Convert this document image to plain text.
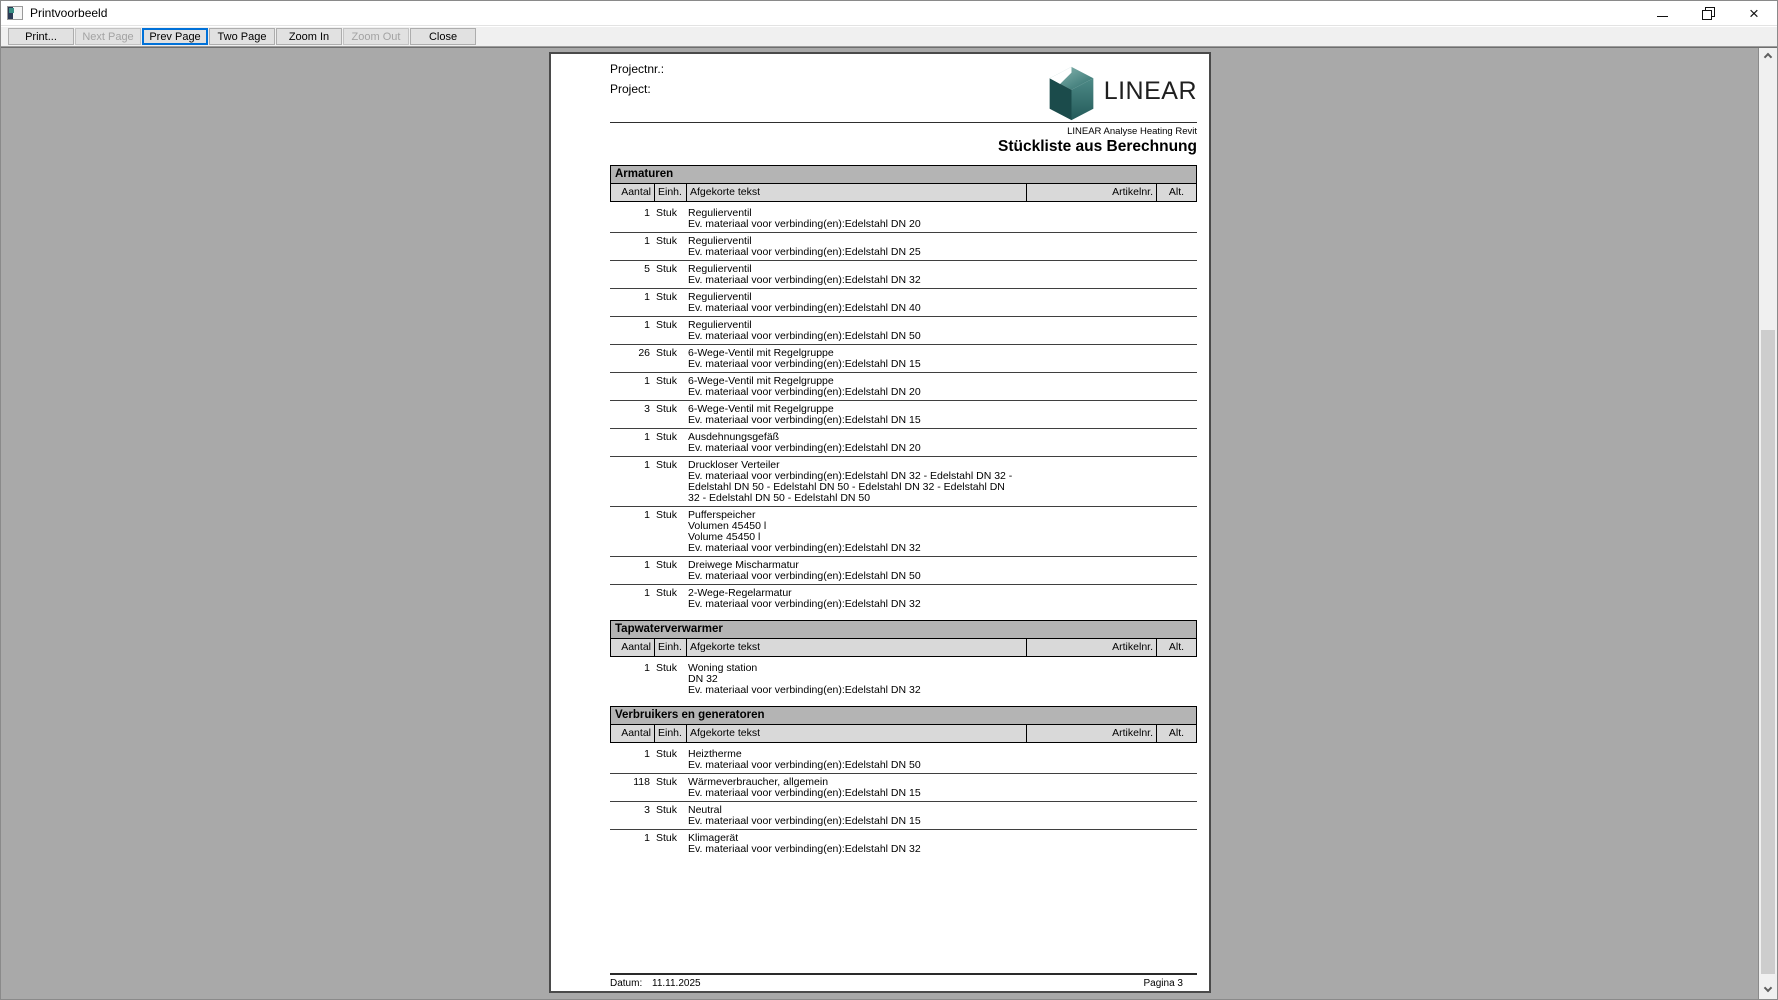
Printvoorbeeld	×
Print...	Next Page	Prev Page	Two Page	Zoom In	Zoom Out	Close
Projectnr.:
Project:	LINEAR
LINEAR Analyse Heating Revit
Stückliste aus Berechnung
Armaturen
Aantal Einh. Afgekorte tekst	Artikelnr.	Alt.
1 Stuk	Regulierventil
Ev. materiaal voor verbinding(en):Edelstahl DN 20
1 Stuk	Regulierventil
Ev. materiaal voor verbinding(en):Edelstahl DN 25
5 Stuk	Regulierventil
Ev. materiaal voor verbinding(en):Edelstahl DN 32
1 Stuk	Regulierventil
Ev. materiaal voor verbinding(en):Edelstahl DN 40
1 Stuk	Regulierventil
Ev. materiaal voor verbinding(en):Edelstahl DN 50
26 Stuk	6-Wege-Ventil mit Regelgruppe
Ev. materiaal voor verbinding(en):Edelstahl DN 15
1 Stuk	6-Wege-Ventil mit Regelgruppe
Ev. materiaal voor verbinding(en):Edelstahl DN 20
3 Stuk	6-Wege-Ventil mit Regelgruppe
Ev. materiaal voor verbinding(en):Edelstahl DN 15
1 Stuk	Ausdehnungsgefäß
Ev. materiaal voor verbinding(en):Edelstahl DN 20
1 Stuk	Druckloser Verteiler
Ev. materiaal voor verbinding(en):Edelstahl DN 32 - Edelstahl DN 32 -
Edelstahl DN 50 - Edelstahl DN 50 - Edelstahl DN 32 - Edelstahl DN
32 - Edelstahl DN 50 - Edelstahl DN 50
1 Stuk	Pufferspeicher
Volumen 45450 l
Volume 45450 l
Ev. materiaal voor verbinding(en):Edelstahl DN 32
1 Stuk	Dreiwege Mischarmatur
Ev. materiaal voor verbinding(en):Edelstahl DN 50
1 Stuk	2-Wege-Regelarmatur
Ev. materiaal voor verbinding(en):Edelstahl DN 32
Tapwaterverwarmer
Aantal Einh. Afgekorte tekst	Artikelnr.	Alt.
1 Stuk	Woning station
DN 32
Ev. materiaal voor verbinding(en):Edelstahl DN 32
Verbruikers en generatoren
Aantal Einh. Afgekorte tekst	Artikelnr.	Alt.
1 Stuk	Heiztherme
Ev. materiaal voor verbinding(en):Edelstahl DN 50
118 Stuk	Wärmeverbraucher, allgemein
Ev. materiaal voor verbinding(en):Edelstahl DN 15
3 Stuk	Neutral
Ev. materiaal voor verbinding(en):Edelstahl DN 15
1 Stuk	Klimagerät
Ev. materiaal voor verbinding(en):Edelstahl DN 32
Datum: 11.11.2025	Pagina 3
